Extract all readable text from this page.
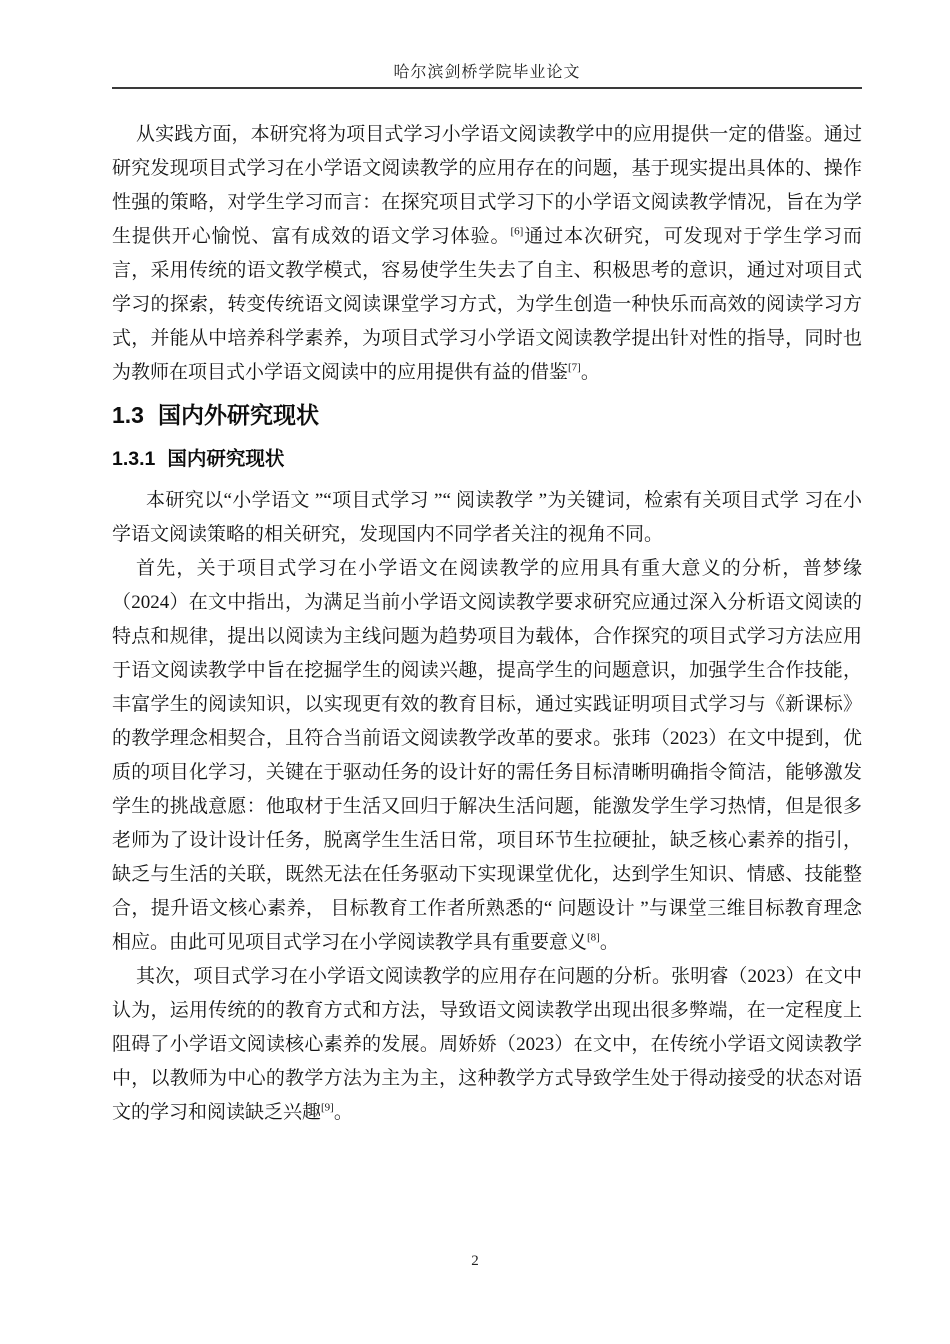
哈尔滨剑桥学院毕业论文

从实践方面，本研究将为项目式学习小学语文阅读教学中的应用提供一定的借鉴。通过研究发现项目式学习在小学语文阅读教学的应用存在的问题，基于现实提出具体的、操作性强的策略，对学生学习而言：在探究项目式学习下的小学语文阅读教学情况，旨在为学生提供开心愉悦、富有成效的语文学习体验。[6]通过本次研究，可发现对于学生学习而言，采用传统的语文教学模式，容易使学生失去了自主、积极思考的意识，通过对项目式学习的探索，转变传统语文阅读课堂学习方式，为学生创造一种快乐而高效的阅读学习方式，并能从中培养科学素养，为项目式学习小学语文阅读教学提出针对性的指导，同时也为教师在项目式小学语文阅读中的应用提供有益的借鉴[7]。

1.3 国内外研究现状
1.3.1 国内研究现状

本研究以“小学语文 ”“项目式学习 ”“ 阅读教学 ”为关键词，检索有关项目式学 习在小学语文阅读策略的相关研究，发现国内不同学者关注的视角不同。

首先，关于项目式学习在小学语文在阅读教学的应用具有重大意义的分析，普梦缘（2024）在文中指出，为满足当前小学语文阅读教学要求研究应通过深入分析语文阅读的特点和规律，提出以阅读为主线问题为趋势项目为载体，合作探究的项目式学习方法应用于语文阅读教学中旨在挖掘学生的阅读兴趣，提高学生的问题意识，加强学生合作技能，丰富学生的阅读知识，以实现更有效的教育目标，通过实践证明项目式学习与《新课标》的教学理念相契合，且符合当前语文阅读教学改革的要求。张玮（2023）在文中提到，优质的项目化学习，关键在于驱动任务的设计好的需任务目标清晰明确指令简洁，能够激发学生的挑战意愿：他取材于生活又回归于解决生活问题，能激发学生学习热情，但是很多老师为了设计设计任务，脱离学生生活日常，项目环节生拉硬扯，缺乏核心素养的指引，缺乏与生活的关联，既然无法在任务驱动下实现课堂优化，达到学生知识、情感、技能整合，提升语文核心素养， 目标教育工作者所熟悉的“ 问题设计 ”与课堂三维目标教育理念 相应。由此可见项目式学习在小学阅读教学具有重要意义[8]。

其次，项目式学习在小学语文阅读教学的应用存在问题的分析。张明睿（2023）在文中认为，运用传统的的教育方式和方法，导致语文阅读教学出现出很多弊端，在一定程度上阻碍了小学语文阅读核心素养的发展。周娇娇（2023）在文中，在传统小学语文阅读教学中，以教师为中心的教学方法为主为主，这种教学方式导致学生处于得动接受的状态对语文的学习和阅读缺乏兴趣[9]。

2
